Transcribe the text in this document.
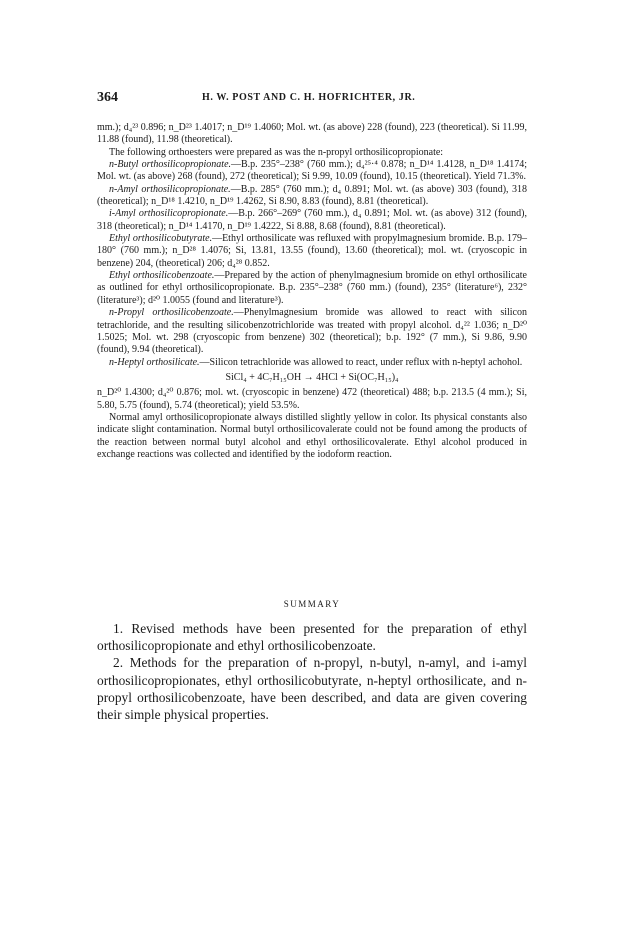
364	H. W. POST AND C. H. HOFRICHTER, JR.

mm.); d₄²³ 0.896; n_D²³ 1.4017; n_D¹⁹ 1.4060; Mol. wt. (as above) 228 (found), 223 (theoretical). Si 11.99, 11.88 (found), 11.98 (theoretical).

The following orthoesters were prepared as was the n-propyl orthosilicopropionate:

n-Butyl orthosilicopropionate.—B.p. 235°–238° (760 mm.); d₄²⁵·⁴ 0.878; n_D¹⁴ 1.4128, n_D¹⁸ 1.4174; Mol. wt. (as above) 268 (found), 272 (theoretical); Si 9.99, 10.09 (found), 10.15 (theoretical). Yield 71.3%.

n-Amyl orthosilicopropionate.—B.p. 285° (760 mm.); d₄ 0.891; Mol. wt. (as above) 303 (found), 318 (theoretical); n_D¹⁸ 1.4210, n_D¹⁹ 1.4262, Si 8.90, 8.83 (found), 8.81 (theoretical).

i-Amyl orthosilicopropionate.—B.p. 266°–269° (760 mm.), d₄ 0.891; Mol. wt. (as above) 312 (found), 318 (theoretical); n_D¹⁴ 1.4170, n_D¹⁹ 1.4222, Si 8.88, 8.68 (found), 8.81 (theoretical).

Ethyl orthosilicobutyrate.—Ethyl orthosilicate was refluxed with propylmagnesium bromide. B.p. 179–180° (760 mm.); n_D²⁸ 1.4076; Si, 13.81, 13.55 (found), 13.60 (theoretical); mol. wt. (cryoscopic in benzene) 204, (theoretical) 206; d₄²⁸ 0.852.

Ethyl orthosilicobenzoate.—Prepared by the action of phenylmagnesium bromide on ethyl orthosilicate as outlined for ethyl orthosilicopropionate. B.p. 235°–238° (760 mm.) (found), 235° (literature⁶), 232° (literature³); d²⁰ 1.0055 (found and literature³).

n-Propyl orthosilicobenzoate.—Phenylmagnesium bromide was allowed to react with silicon tetrachloride, and the resulting silicobenzotrichloride was treated with propyl alcohol. d₄²² 1.036; n_D²⁰ 1.5025; Mol. wt. 298 (cryoscopic from benzene) 302 (theoretical); b.p. 192° (7 mm.), Si 9.86, 9.90 (found), 9.94 (theoretical).

n-Heptyl orthosilicate.—Silicon tetrachloride was allowed to react, under reflux with n-heptyl achohol.

SiCl₄ + 4C₇H₁₅OH → 4HCl + Si(OC₇H₁₅)₄

n_D²⁰ 1.4300; d₄²⁰ 0.876; mol. wt. (cryoscopic in benzene) 472 (theoretical) 488; b.p. 213.5 (4 mm.); Si, 5.80, 5.75 (found), 5.74 (theoretical); yield 53.5%.

Normal amyl orthosilicopropionate always distilled slightly yellow in color. Its physical constants also indicate slight contamination. Normal butyl orthosilicovalerate could not be found among the products of the reaction between normal butyl alcohol and ethyl orthosilicovalerate. Ethyl alcohol produced in exchange reactions was collected and identified by the iodoform reaction.

SUMMARY

1. Revised methods have been presented for the preparation of ethyl orthosilicopropionate and ethyl orthosilicobenzoate.

2. Methods for the preparation of n-propyl, n-butyl, n-amyl, and i-amyl orthosilicopropionates, ethyl orthosilicobutyrate, n-heptyl orthosilicate, and n-propyl orthosilicobenzoate, have been described, and data are given covering their simple physical properties.
